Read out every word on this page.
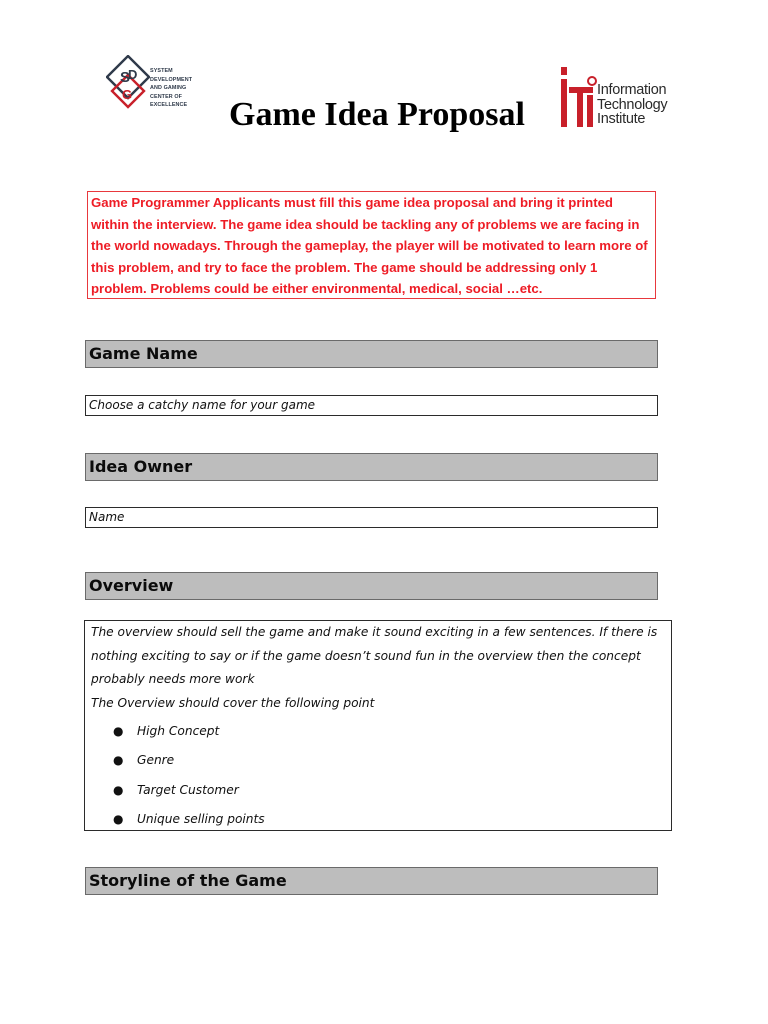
S
D
G
SYSTEM DEVELOPMENT
AND GAMING
CENTER OF EXCELLENCE	Game Idea Proposal
Information
Technology
Institute
Game Programmer Applicants must fill this game idea proposal and bring it printed within the interview. The game idea should be tackling any of problems we are facing in the world nowadays. Through the gameplay, the player will be motivated to learn more of this problem, and try to face the problem. The game should be addressing only 1 problem. Problems could be either environmental, medical, social …etc.
Game Name
Choose a catchy name for your game
Idea Owner
Name
Overview

The overview should sell the game and make it sound exciting in a few sentences. If there is nothing exciting to say or if the game doesn’t sound fun in the overview then the concept probably needs more work

The Overview should cover the following point

● High Concept
● Genre
● Target Customer
● Unique selling points
Storyline of the Game
